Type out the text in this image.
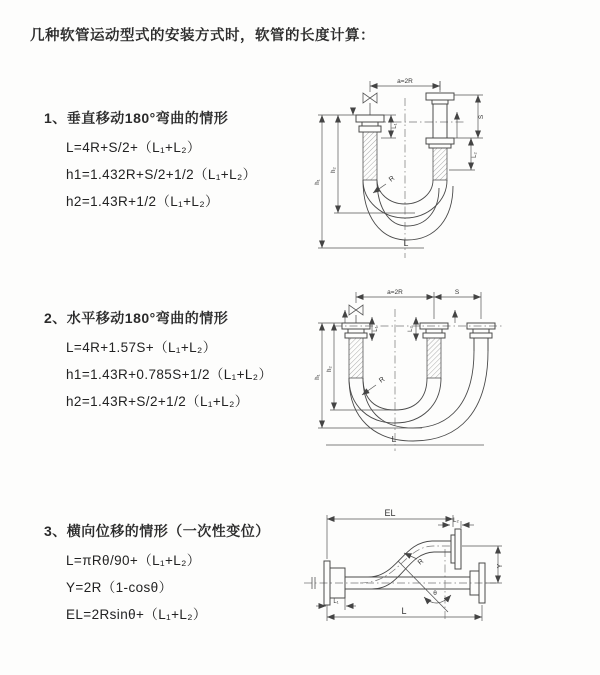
几种软管运动型式的安装方式时，软管的长度计算：
1、垂直移动180°弯曲的情形
L=4R+S/2+（L₁+L₂）
h1=1.432R+S/2+1/2（L₁+L₂）
h2=1.43R+1/2（L₁+L₂）
2、水平移动180°弯曲的情形
L=4R+1.57S+（L₁+L₂）
h1=1.43R+0.785S+1/2（L₁+L₂）
h2=1.43R+S/2+1/2（L₁+L₂）
3、横向位移的情形（一次性变位）
L=πRθ/90+（L₁+L₂）
Y=2R（1-cosθ）
EL=2Rsinθ+（L₁+L₂）
a=2R
L₁
S
L₂
R
h₁
h₂
L
a=2R	S
L₁	L₂
R
h₁
h₂
L
EL
L₂
Y
R
θ
L₁
L
